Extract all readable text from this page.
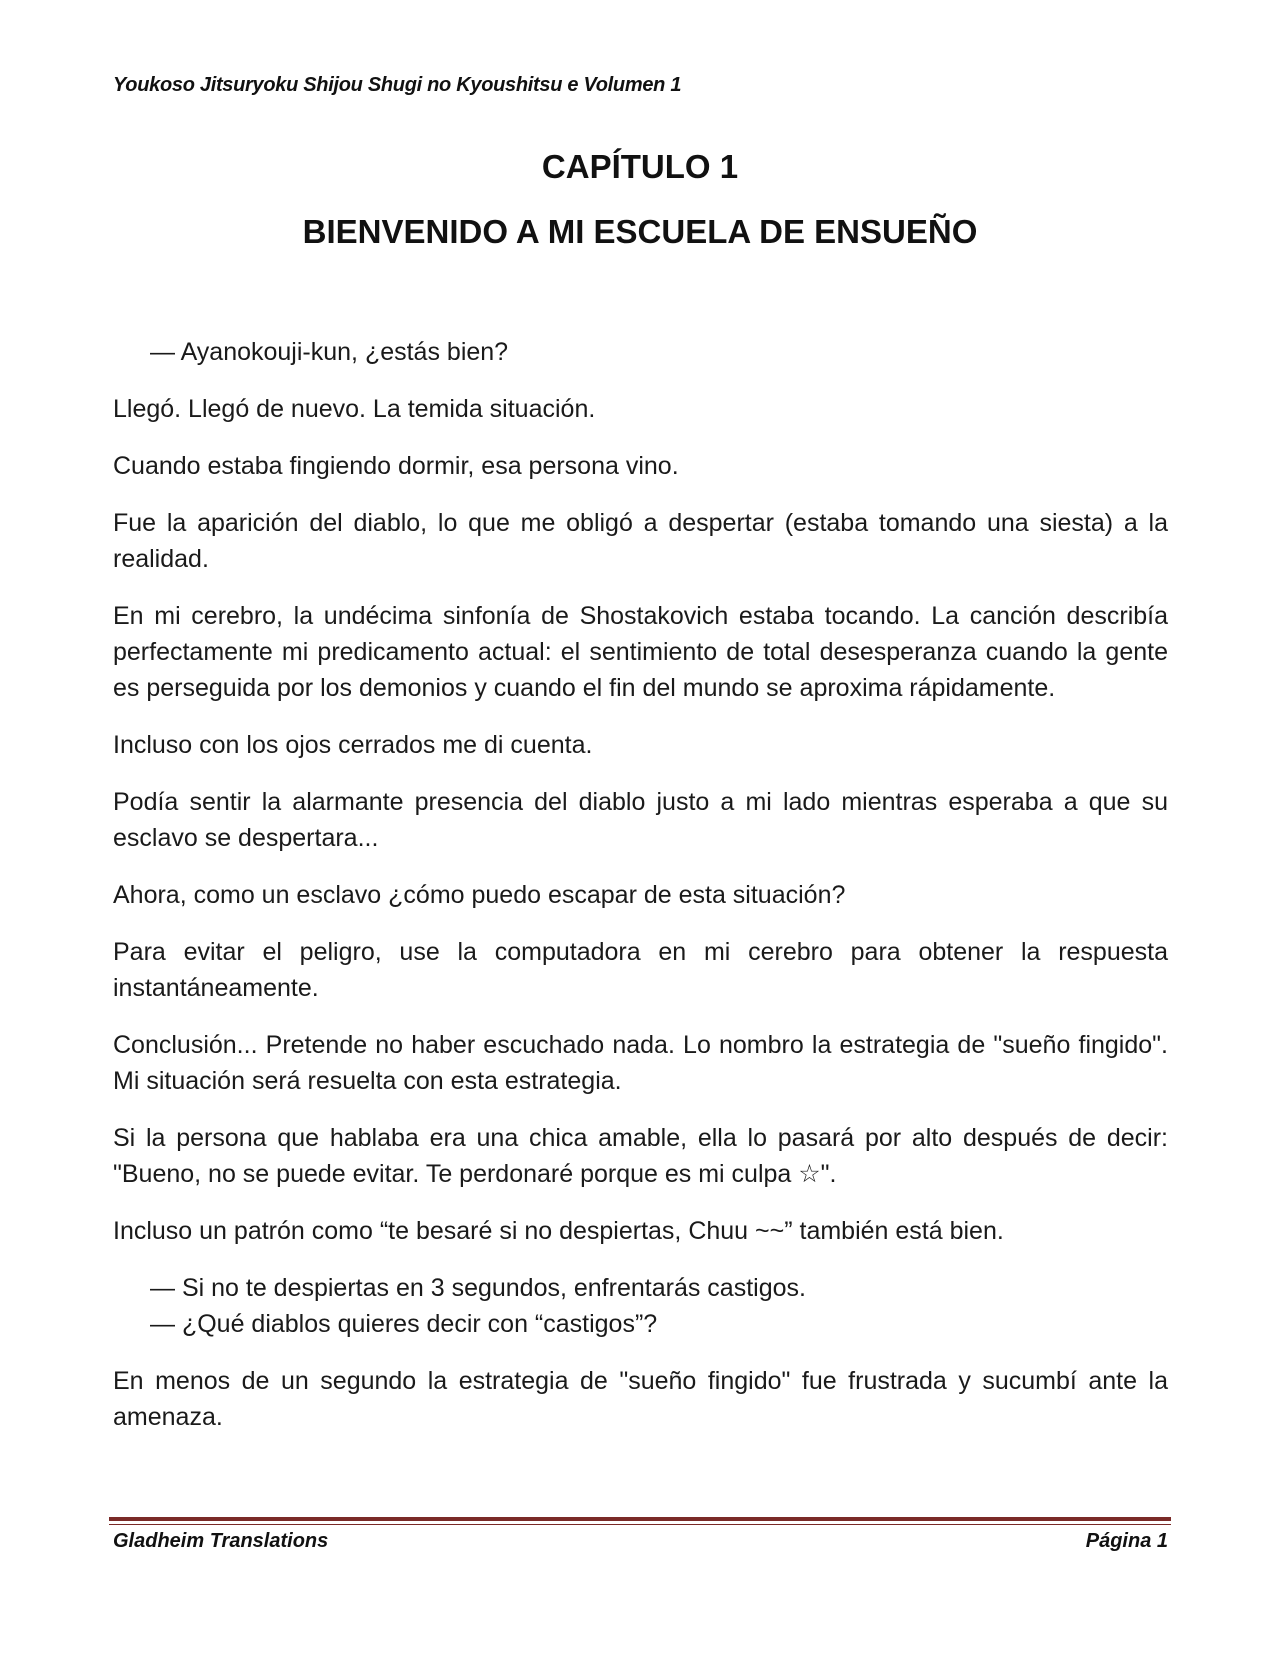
Youkoso Jitsuryoku Shijou Shugi no Kyoushitsu e Volumen 1
CAPÍTULO 1
BIENVENIDO A MI ESCUELA DE ENSUEÑO

— Ayanokouji-kun, ¿estás bien?

Llegó. Llegó de nuevo. La temida situación.

Cuando estaba fingiendo dormir, esa persona vino.

Fue la aparición del diablo, lo que me obligó a despertar (estaba tomando una siesta) a la realidad.

En mi cerebro, la undécima sinfonía de Shostakovich estaba tocando. La canción describía perfectamente mi predicamento actual: el sentimiento de total desesperanza cuando la gente es perseguida por los demonios y cuando el fin del mundo se aproxima rápidamente.

Incluso con los ojos cerrados me di cuenta.

Podía sentir la alarmante presencia del diablo justo a mi lado mientras esperaba a que su esclavo se despertara...

Ahora, como un esclavo ¿cómo puedo escapar de esta situación?

Para evitar el peligro, use la computadora en mi cerebro para obtener la respuesta instantáneamente.

Conclusión... Pretende no haber escuchado nada. Lo nombro la estrategia de "sueño fingido". Mi situación será resuelta con esta estrategia.

Si la persona que hablaba era una chica amable, ella lo pasará por alto después de decir: "Bueno, no se puede evitar. Te perdonaré porque es mi culpa ☆".

Incluso un patrón como “te besaré si no despiertas, Chuu ~~” también está bien.

— Si no te despiertas en 3 segundos, enfrentarás castigos.

— ¿Qué diablos quieres decir con “castigos”?

En menos de un segundo la estrategia de "sueño fingido" fue frustrada y sucumbí ante la amenaza.

Gladheim Translations	Página 1
